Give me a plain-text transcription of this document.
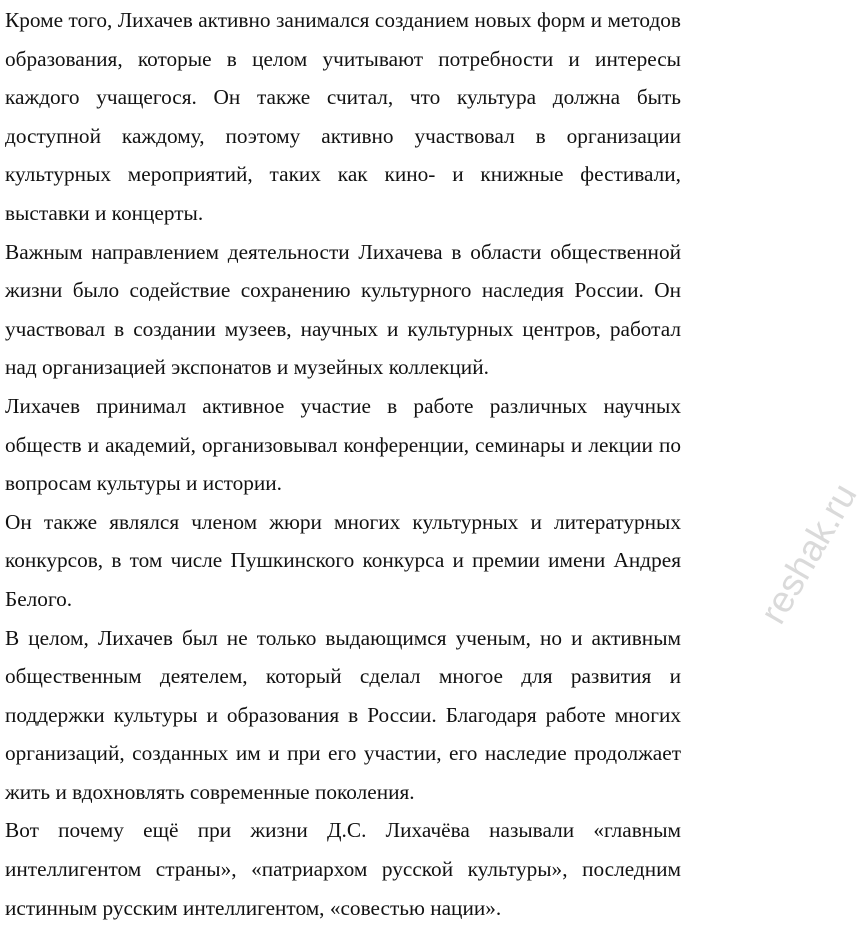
Кроме того, Лихачев активно занимался созданием новых форм и методов образования, которые в целом учитывают потребности и интересы каждого учащегося. Он также считал, что культура должна быть доступной каждому, поэтому активно участвовал в организации культурных мероприятий, таких как кино- и книжные фестивали, выставки и концерты.

Важным направлением деятельности Лихачева в области общественной жизни было содействие сохранению культурного наследия России. Он участвовал в создании музеев, научных и культурных центров, работал над организацией экспонатов и музейных коллекций.

Лихачев принимал активное участие в работе различных научных обществ и академий, организовывал конференции, семинары и лекции по вопросам культуры и истории.

Он также являлся членом жюри многих культурных и литературных конкурсов, в том числе Пушкинского конкурса и премии имени Андрея Белого.

В целом, Лихачев был не только выдающимся ученым, но и активным общественным деятелем, который сделал многое для развития и поддержки культуры и образования в России. Благодаря работе многих организаций, созданных им и при его участии, его наследие продолжает жить и вдохновлять современные поколения.

Вот почему ещё при жизни Д.С. Лихачёва называли «главным интеллигентом страны», «патриархом русской культуры», последним истинным русским интеллигентом, «совестью нации».

reshak.ru
